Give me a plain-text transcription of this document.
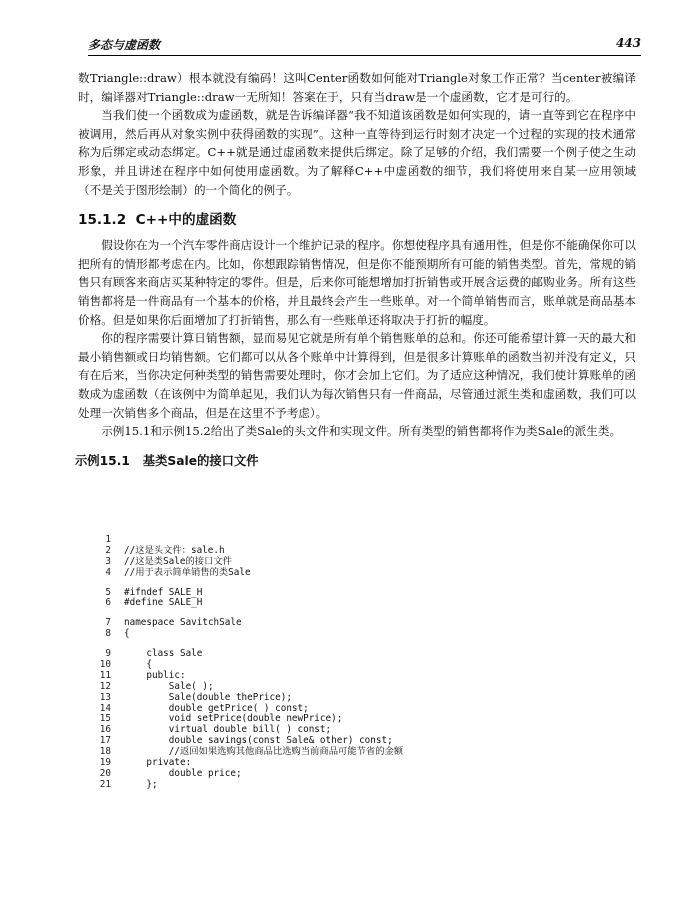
多态与虚函数	443

数Triangle::draw）根本就没有编码！这叫Center函数如何能对Triangle对象工作正常？当center被编译时，编译器对Triangle::draw一无所知！答案在于，只有当draw是一个虚函数，它才是可行的。

当我们使一个函数成为虚函数，就是告诉编译器“我不知道该函数是如何实现的，请一直等到它在程序中被调用，然后再从对象实例中获得函数的实现”。这种一直等待到运行时刻才决定一个过程的实现的技术通常称为后绑定或动态绑定。C++就是通过虚函数来提供后绑定。除了足够的介绍，我们需要一个例子使之生动形象，并且讲述在程序中如何使用虚函数。为了解释C++中虚函数的细节，我们将使用来自某一应用领域（不是关于图形绘制）的一个简化的例子。

15.1.2 C++中的虚函数

假设你在为一个汽车零件商店设计一个维护记录的程序。你想使程序具有通用性，但是你不能确保你可以把所有的情形都考虑在内。比如，你想跟踪销售情况，但是你不能预期所有可能的销售类型。首先，常规的销售只有顾客来商店买某种特定的零件。但是，后来你可能想增加打折销售或开展含运费的邮购业务。所有这些销售都将是一件商品有一个基本的价格，并且最终会产生一些账单。对一个简单销售而言，账单就是商品基本价格。但是如果你后面增加了打折销售，那么有一些账单还将取决于打折的幅度。

你的程序需要计算日销售额，显而易见它就是所有单个销售账单的总和。你还可能希望计算一天的最大和最小销售额或日均销售额。它们都可以从各个账单中计算得到，但是很多计算账单的函数当初并没有定义，只有在后来，当你决定何种类型的销售需要处理时，你才会加上它们。为了适应这种情况，我们使计算账单的函数成为虚函数（在该例中为简单起见，我们认为每次销售只有一件商品，尽管通过派生类和虚函数，我们可以处理一次销售多个商品，但是在这里不予考虑）。

示例15.1和示例15.2给出了类Sale的头文件和实现文件。所有类型的销售都将作为类Sale的派生类。

示例15.1 基类Sale的接口文件
1
2 //这是头文件：sale.h
3 //这是类Sale的接口文件
4 //用于表示简单销售的类Sale
5 #ifndef SALE_H
6 #define SALE_H
7 namespace SavitchSale
8 {
9 class Sale
10 {
11 public:
12 Sale( );
13 Sale(double thePrice);
14 double getPrice( ) const;
15 void setPrice(double newPrice);
16 virtual double bill( ) const;
17 double savings(const Sale& other) const;
18 //返回如果选购其他商品比选购当前商品可能节省的金额
19 private:
20 double price;
21 };
